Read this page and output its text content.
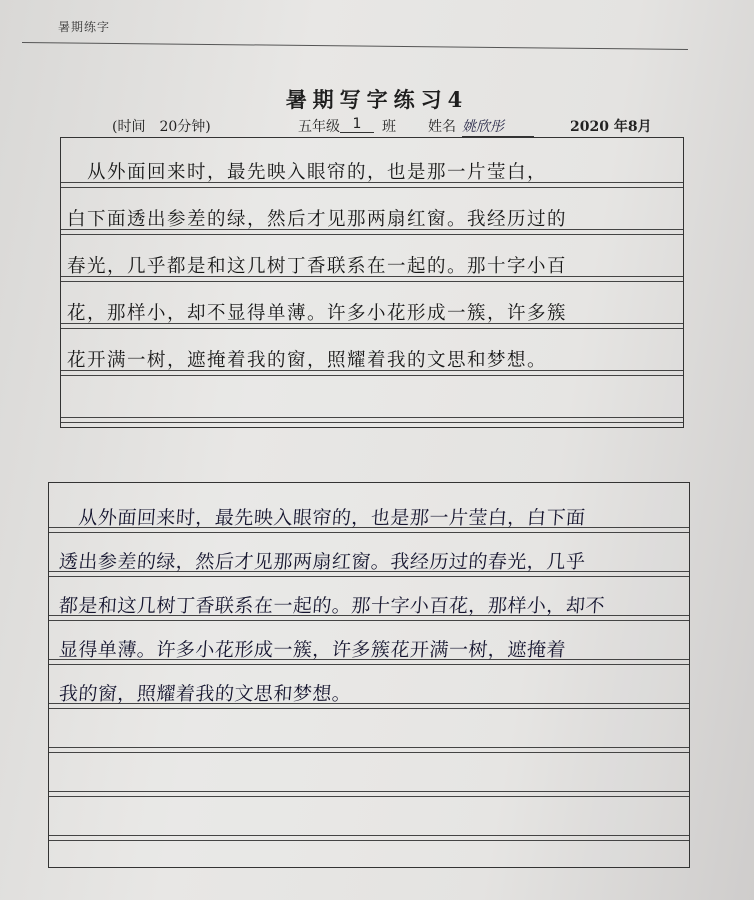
暑期练字
暑期写字练习4
(时间　20分钟)	五年级 1	班 姓名 姚欣彤	2020 年8月
　从外面回来时，最先映入眼帘的，也是那一片莹白，
白下面透出参差的绿，然后才见那两扇红窗。我经历过的
春光，几乎都是和这几树丁香联系在一起的。那十字小百
花，那样小，却不显得单薄。许多小花形成一簇，许多簇
花开满一树，遮掩着我的窗，照耀着我的文思和梦想。
　从外面回来时，最先映入眼帘的，也是那一片莹白，白下面
透出参差的绿，然后才见那两扇红窗。我经历过的春光，几乎
都是和这几树丁香联系在一起的。那十字小百花，那样小，却不
显得单薄。许多小花形成一簇，许多簇花开满一树，遮掩着
我的窗，照耀着我的文思和梦想。
